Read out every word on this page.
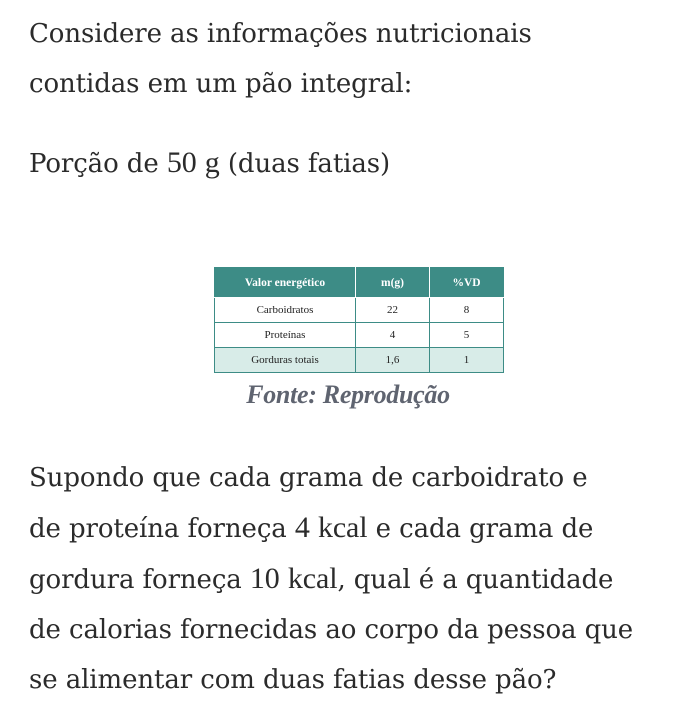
Considere as informações nutricionais
contidas em um pão integral:

Porção de 50 g (duas fatias)

Valor energético	m(g)	%VD
Carboidratos	22	8
Proteínas	4	5
Gorduras totais	1,6	1
Fonte: Reprodução

Supondo que cada grama de carboidrato e
de proteína forneça 4 kcal e cada grama de
gordura forneça 10 kcal, qual é a quantidade
de calorias fornecidas ao corpo da pessoa que
se alimentar com duas fatias desse pão?
